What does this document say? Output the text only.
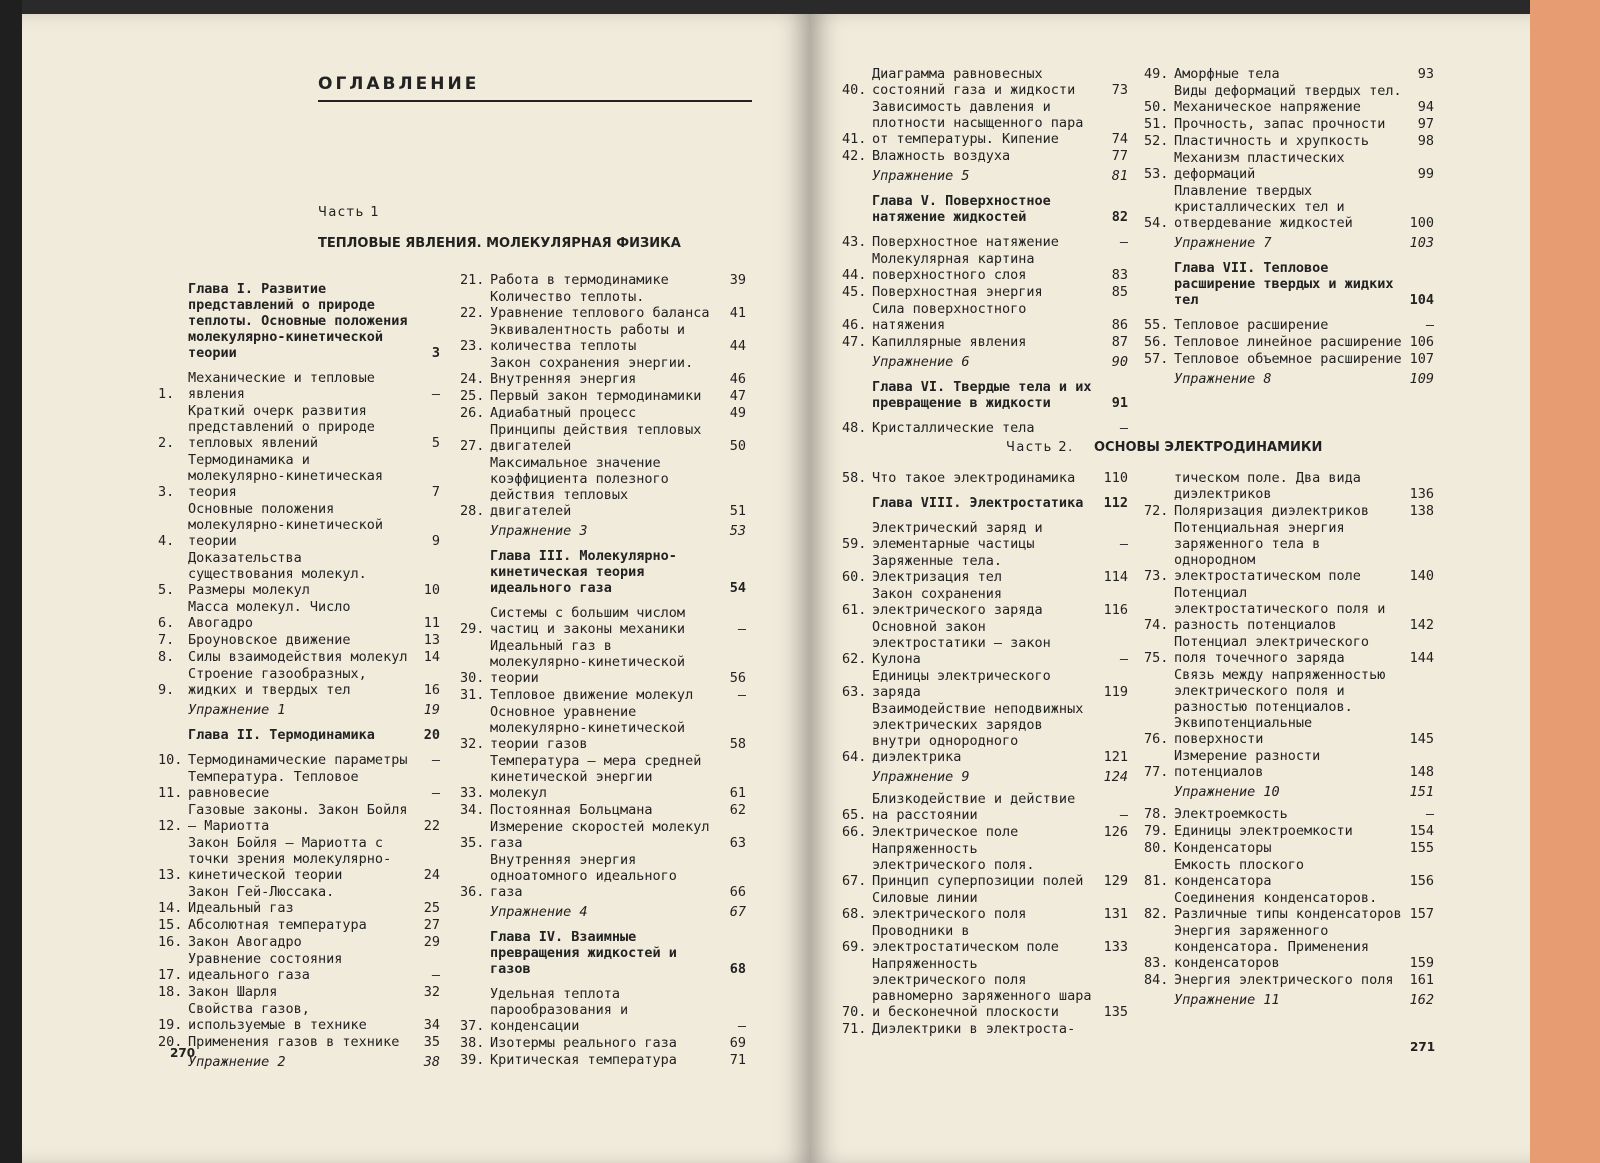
ОГЛАВЛЕНИЕ
Часть 1
ТЕПЛОВЫЕ ЯВЛЕНИЯ. МОЛЕКУЛЯРНАЯ ФИЗИКА
Глава I. Развитие представлений о природе теплоты. Основные положения молекулярно-кинетической теории	3
1.
Механические и тепловые явления	—
2.
Краткий очерк развития представлений о природе тепловых явлений	5
3.
Термодинамика и молекулярно-кинетическая теория	7
4.
Основные положения молекулярно-кинетической теории	9
5.
Доказательства существования молекул. Размеры молекул	10
6.
Масса молекул. Число Авогадро	11
7.	Броуновское движение	13
8.	Силы взаимодействия молекул	14
9.
Строение газообразных, жидких и твердых тел	16
Упражнение 1	19
Глава II. Термодинамика	20
10. Термодинамические параметры	—
11.
Температура. Тепловое равновесие	—
12.
Газовые законы. Закон Бойля — Мариотта	22
13.
Закон Бойля — Мариотта с точки зрения молекулярно-кинетической теории	24
14.
Закон Гей-Люссака. Идеальный газ	25
15. Абсолютная температура	27
16. Закон Авогадро	29
17.
Уравнение состояния идеального газа	—
18. Закон Шарля	32
19.
Свойства газов, используемые в технике	34
20. Применения газов в технике	35
Упражнение 2	38
21. Работа в термодинамике	39
22.
Количество теплоты. Уравнение теплового баланса	41
23.
Эквивалентность работы и количества теплоты	44
24.
Закон сохранения энергии. Внутренняя энергия	46
25. Первый закон термодинамики	47
26. Адиабатный процесс	49
27.
Принципы действия тепловых двигателей	50
28.
Максимальное значение коэффициента полезного действия тепловых двигателей	51
Упражнение 3	53
Глава III. Молекулярно-кинетическая теория идеального газа	54
29.
Системы с большим числом частиц и законы механики	—
30.
Идеальный газ в молекулярно-кинетической теории	56
31. Тепловое движение молекул	—
32.
Основное уравнение молекулярно-кинетической теории газов	58
33.
Температура — мера средней кинетической энергии молекул	61
34. Постоянная Больцмана	62
35.
Измерение скоростей молекул газа	63
36.
Внутренняя энергия одноатомного идеального газа	66
Упражнение 4	67
Глава IV. Взаимные превращения жидкостей и газов	68
37.
Удельная теплота парообразования и конденсации	—
38. Изотермы реального газа	69
39. Критическая температура	71
40.
Диаграмма равновесных состояний газа и жидкости	73
41.
Зависимость давления и плотности насыщенного пара от температуры. Кипение	74
42. Влажность воздуха	77
Упражнение 5	81
Глава V. Поверхностное натяжение жидкостей	82
43. Поверхностное натяжение	—
44.
Молекулярная картина поверхностного слоя	83
45. Поверхностная энергия	85
46.
Сила поверхностного натяжения	86
47. Капиллярные явления	87
Упражнение 6	90
Глава VI. Твердые тела и их превращение в жидкости	91
48. Кристаллические тела	—
49. Аморфные тела	93
50.
Виды деформаций твердых тел. Механическое напряжение	94
51. Прочность, запас прочности	97
52. Пластичность и хрупкость	98
53.
Механизм пластических деформаций	99
54.
Плавление твердых кристаллических тел и отвердевание жидкостей	100
Упражнение 7	103
Глава VII. Тепловое расширение твердых и жидких тел	104
55. Тепловое расширение	—
56. Тепловое линейное расширение 106
57. Тепловое объемное расширение 107
Упражнение 8	109
Часть 2. ОСНОВЫ ЭЛЕКТРОДИНАМИКИ
58. Что такое электродинамика	110
Глава VIII. Электростатика	112
59.
Электрический заряд и элементарные частицы	—
60.
Заряженные тела. Электризация тел	114
61.
Закон сохранения электрического заряда	116
62.
Основной закон электростатики — закон Кулона	—
63.
Единицы электрического заряда	119
64.
Взаимодействие неподвижных электрических зарядов внутри однородного диэлектрика	121
Упражнение 9	124
65.
Близкодействие и действие на расстоянии	—
66. Электрическое поле	126
67.
Напряженность электрического поля. Принцип суперпозиции полей	129
68.
Силовые линии электрического поля	131
69.
Проводники в электростатическом поле	133
70.
Напряженность электрического поля равномерно заряженного шара и бесконечной плоскости	135
71. Диэлектрики в электроста-
тическом поле. Два вида диэлектриков	136
72. Поляризация диэлектриков	138
73.
Потенциальная энергия заряженного тела в однородном электростатическом поле	140
74.
Потенциал электростатического поля и разность потенциалов	142
75.
Потенциал электрического поля точечного заряда	144
76.
Связь между напряженностью электрического поля и разностью потенциалов. Эквипотенциальные поверхности	145
77.
Измерение разности потенциалов	148
Упражнение 10	151
78. Электроемкость	—
79. Единицы электроемкости	154
80. Конденсаторы	155
81.
Емкость плоского конденсатора	156
82.
Соединения конденсаторов. Различные типы конденсаторов 157
83.
Энергия заряженного конденсатора. Применения конденсаторов	159
84. Энергия электрического поля	161
Упражнение 11	162
270	271
